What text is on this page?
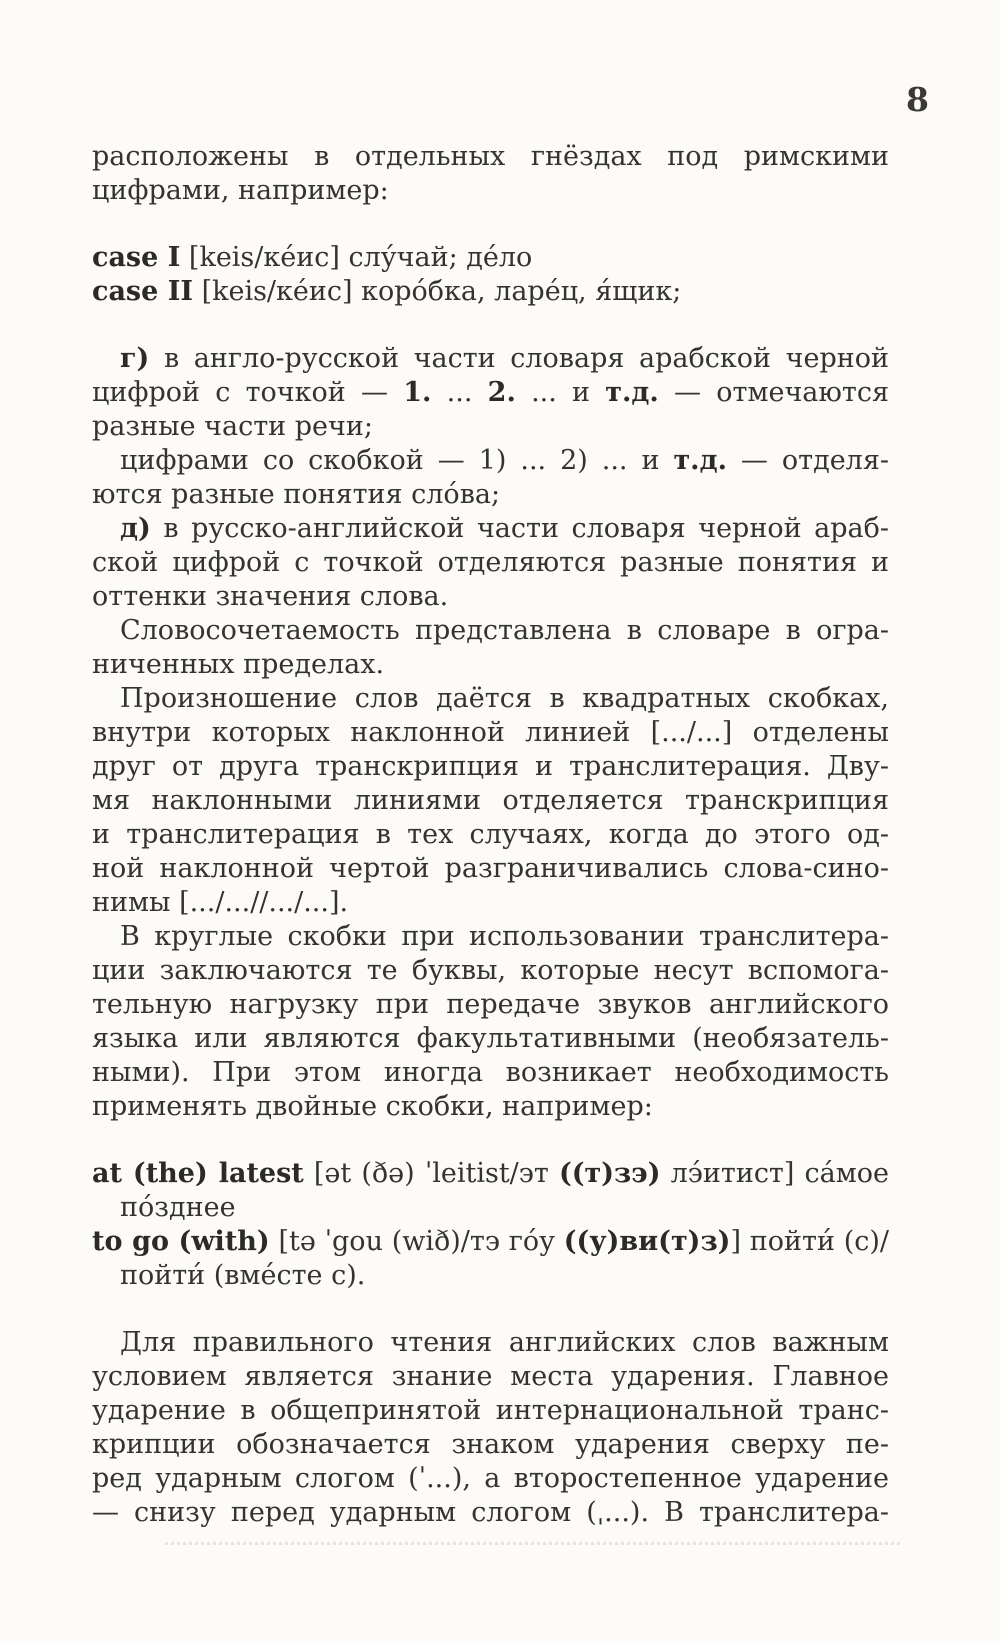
8
расположены в отдельных гнёздах под римскими
цифрами, например:
case I [keis/ке́ис] слу́чай; де́ло
case II [keis/ке́ис] коро́бка, ларе́ц, я́щик;
г) в англо-русской части словаря арабской черной
цифрой с точкой — 1. ... 2. ... и т.д. — отмечаются
разные части речи;
цифрами со скобкой — 1) ... 2) ... и т.д. — отделя-
ются разные понятия сло́ва;
д) в русско-английской части словаря черной араб-
ской цифрой с точкой отделяются разные понятия и
оттенки значения слова.
Словосочетаемость представлена в словаре в огра-
ниченных пределах.
Произношение слов даётся в квадратных скобках,
внутри которых наклонной линией [.../...] отделены
друг от друга транскрипция и транслитерация. Дву-
мя наклонными линиями отделяется транскрипция
и транслитерация в тех случаях, когда до этого од-
ной наклонной чертой разграничивались слова-сино-
нимы [.../...//.../...].
В круглые скобки при использовании транслитера-
ции заключаются те буквы, которые несут вспомога-
тельную нагрузку при передаче звуков английского
языка или являются факультативными (необязатель-
ными). При этом иногда возникает необходимость
применять двойные скобки, например:
at (the) latest [ət (ðə) ˈleitist/эт ((т)зэ) лэ́итист] са́мое
по́зднее
to go (with) [tə ˈgou (wið)/тэ го́у ((у)ви(т)з)] пойти́ (с)/
пойти́ (вме́сте с).
Для правильного чтения английских слов важным
условием является знание места ударения. Главное
ударение в общепринятой интернациональной транс-
крипции обозначается знаком ударения сверху пе-
ред ударным слогом (ˈ...), а второстепенное ударение
— снизу перед ударным слогом (ˌ...). В транслитера-
